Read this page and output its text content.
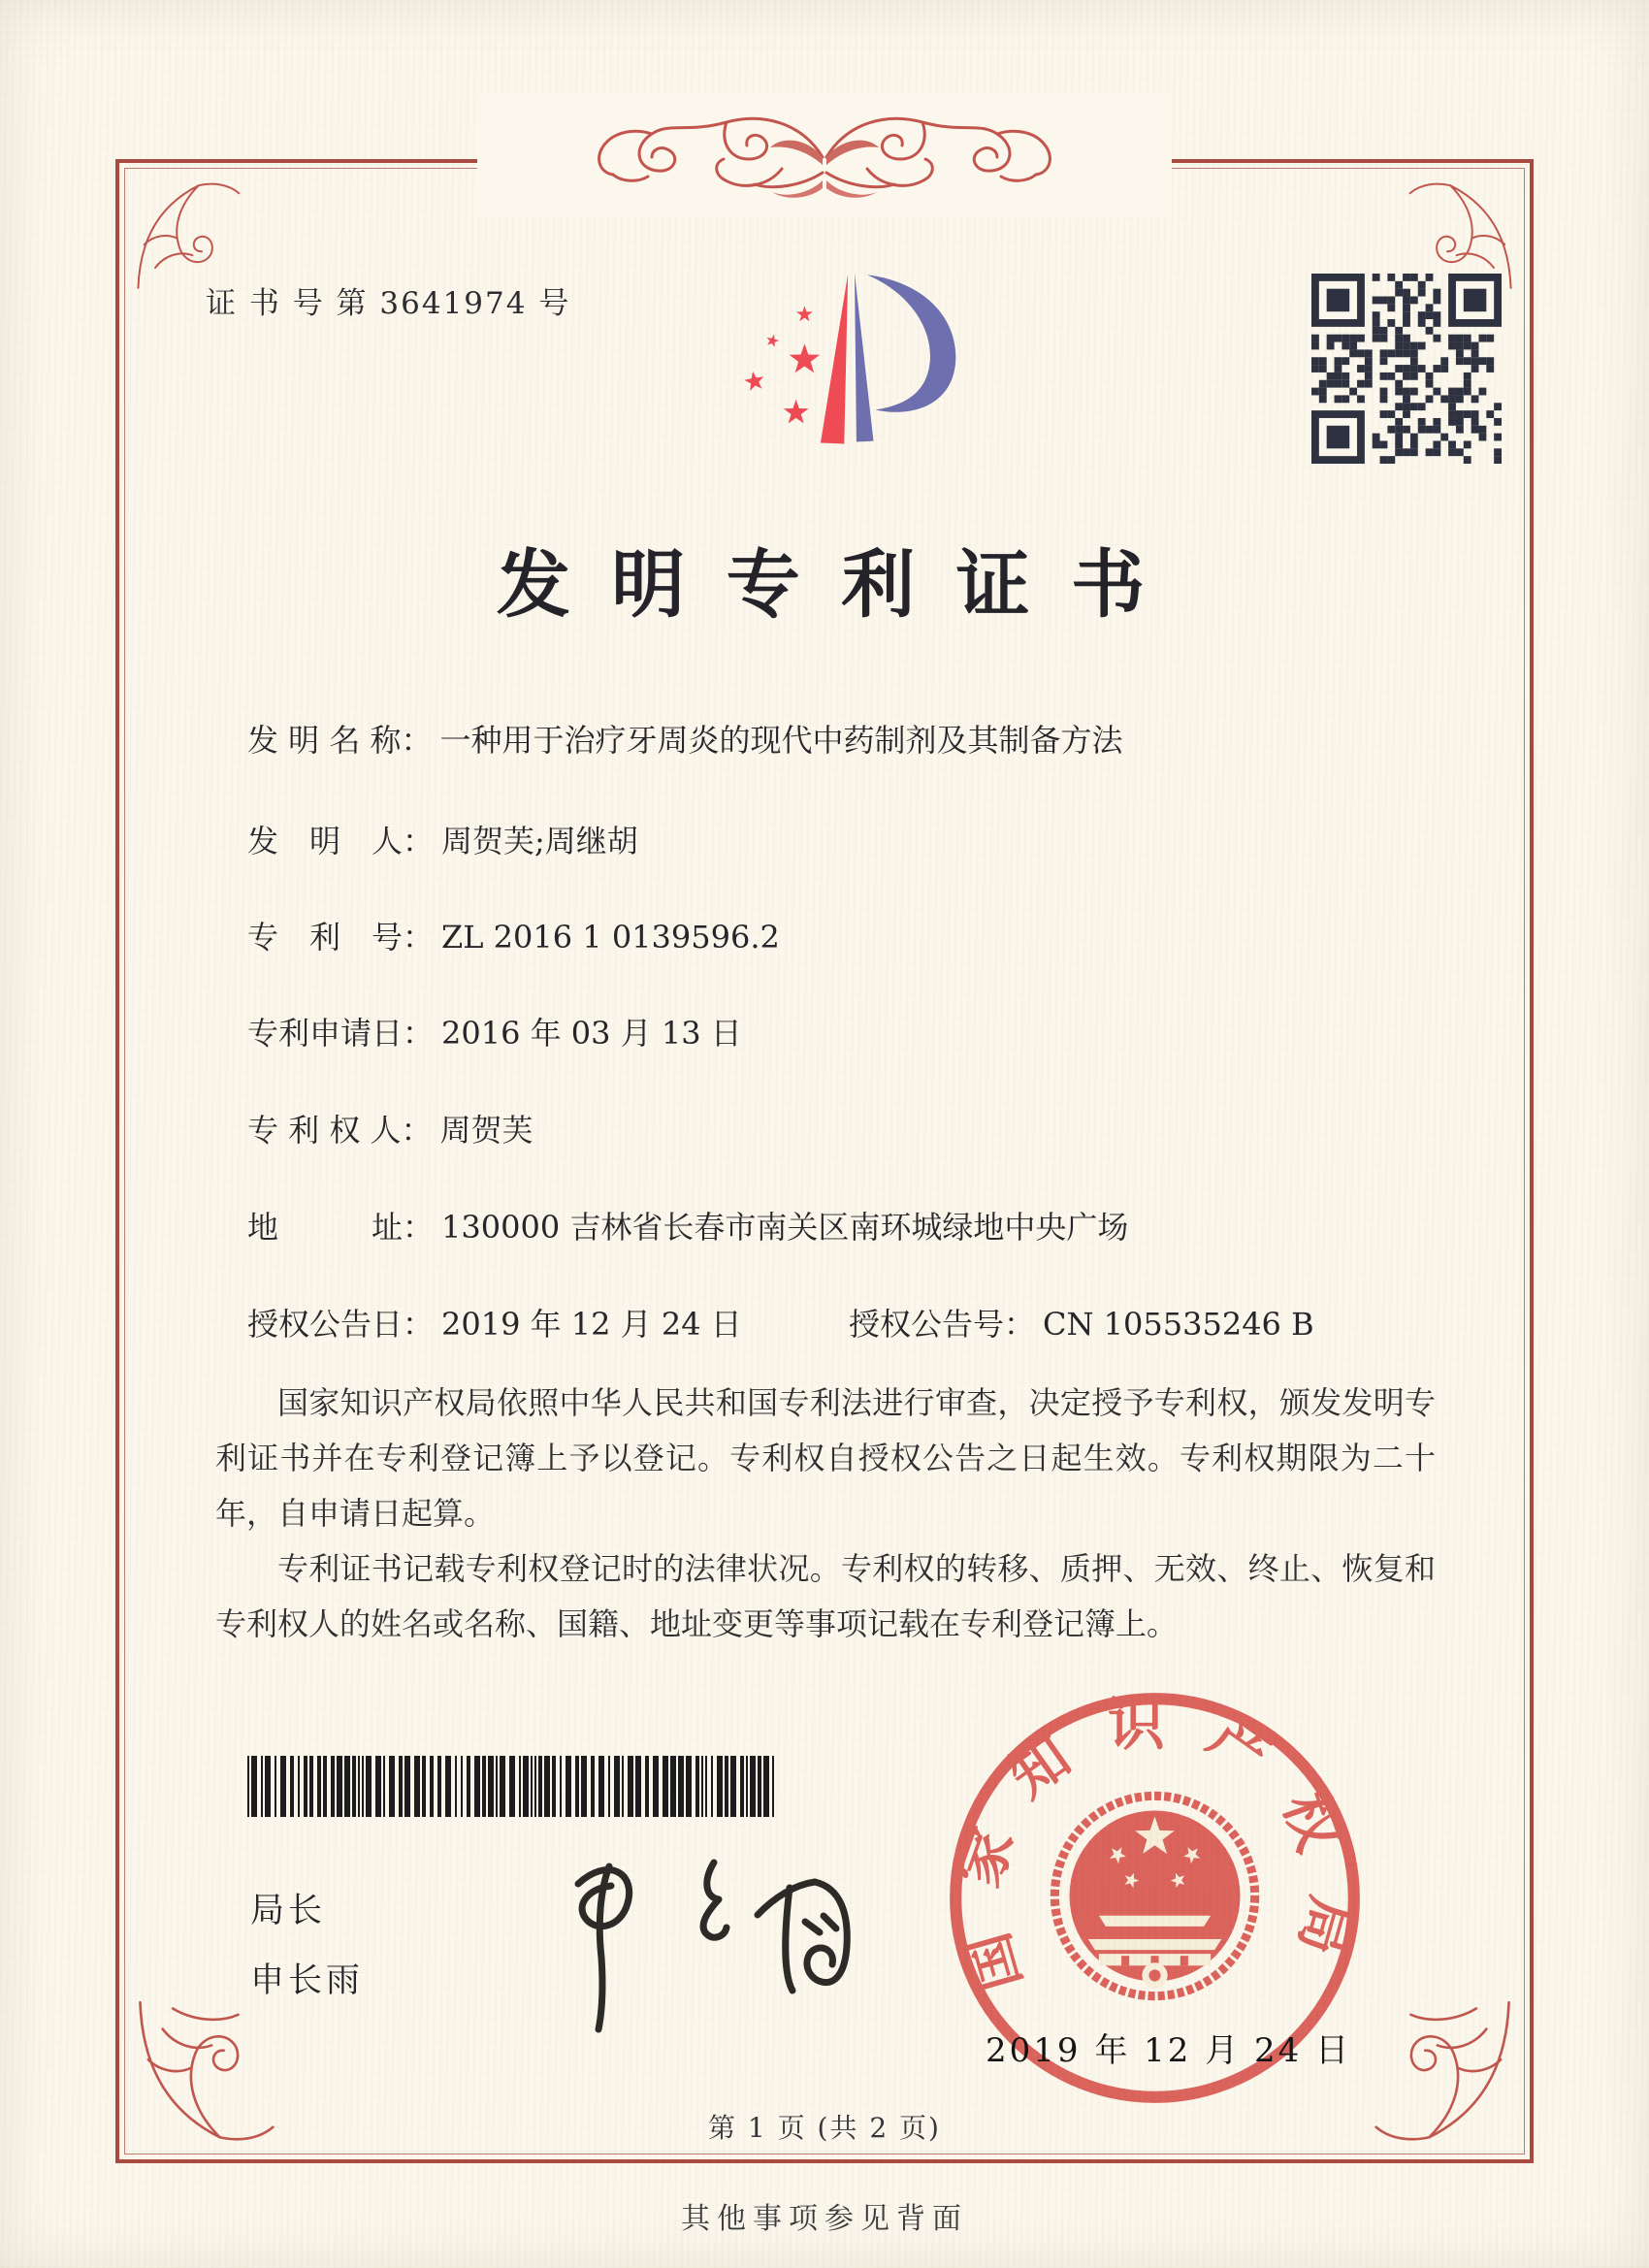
证 书 号 第 3641974 号
发 明 专 利 证 书
发 明 名 称： 一种用于治疗牙周炎的现代中药制剂及其制备方法
发　明　人： 周贺芙;周继胡
专　利　号： ZL 2016 1 0139596.2
专利申请日： 2016 年 03 月 13 日
专 利 权 人： 周贺芙
地　　　址： 130000 吉林省长春市南关区南环城绿地中央广场
授权公告日： 2019 年 12 月 24 日	授权公告号： CN 105535246 B

国家知识产权局依照中华人民共和国专利法进行审查，决定授予专利权，颁发发明专利证书并在专利登记簿上予以登记。专利权自授权公告之日起生效。专利权期限为二十年，自申请日起算。

专利证书记载专利权登记时的法律状况。专利权的转移、质押、无效、终止、恢复和专利权人的姓名或名称、国籍、地址变更等事项记载在专利登记簿上。

局长
申长雨	国家知识产权局
2019 年 12 月 24 日
第 1 页 (共 2 页)
其他事项参见背面
